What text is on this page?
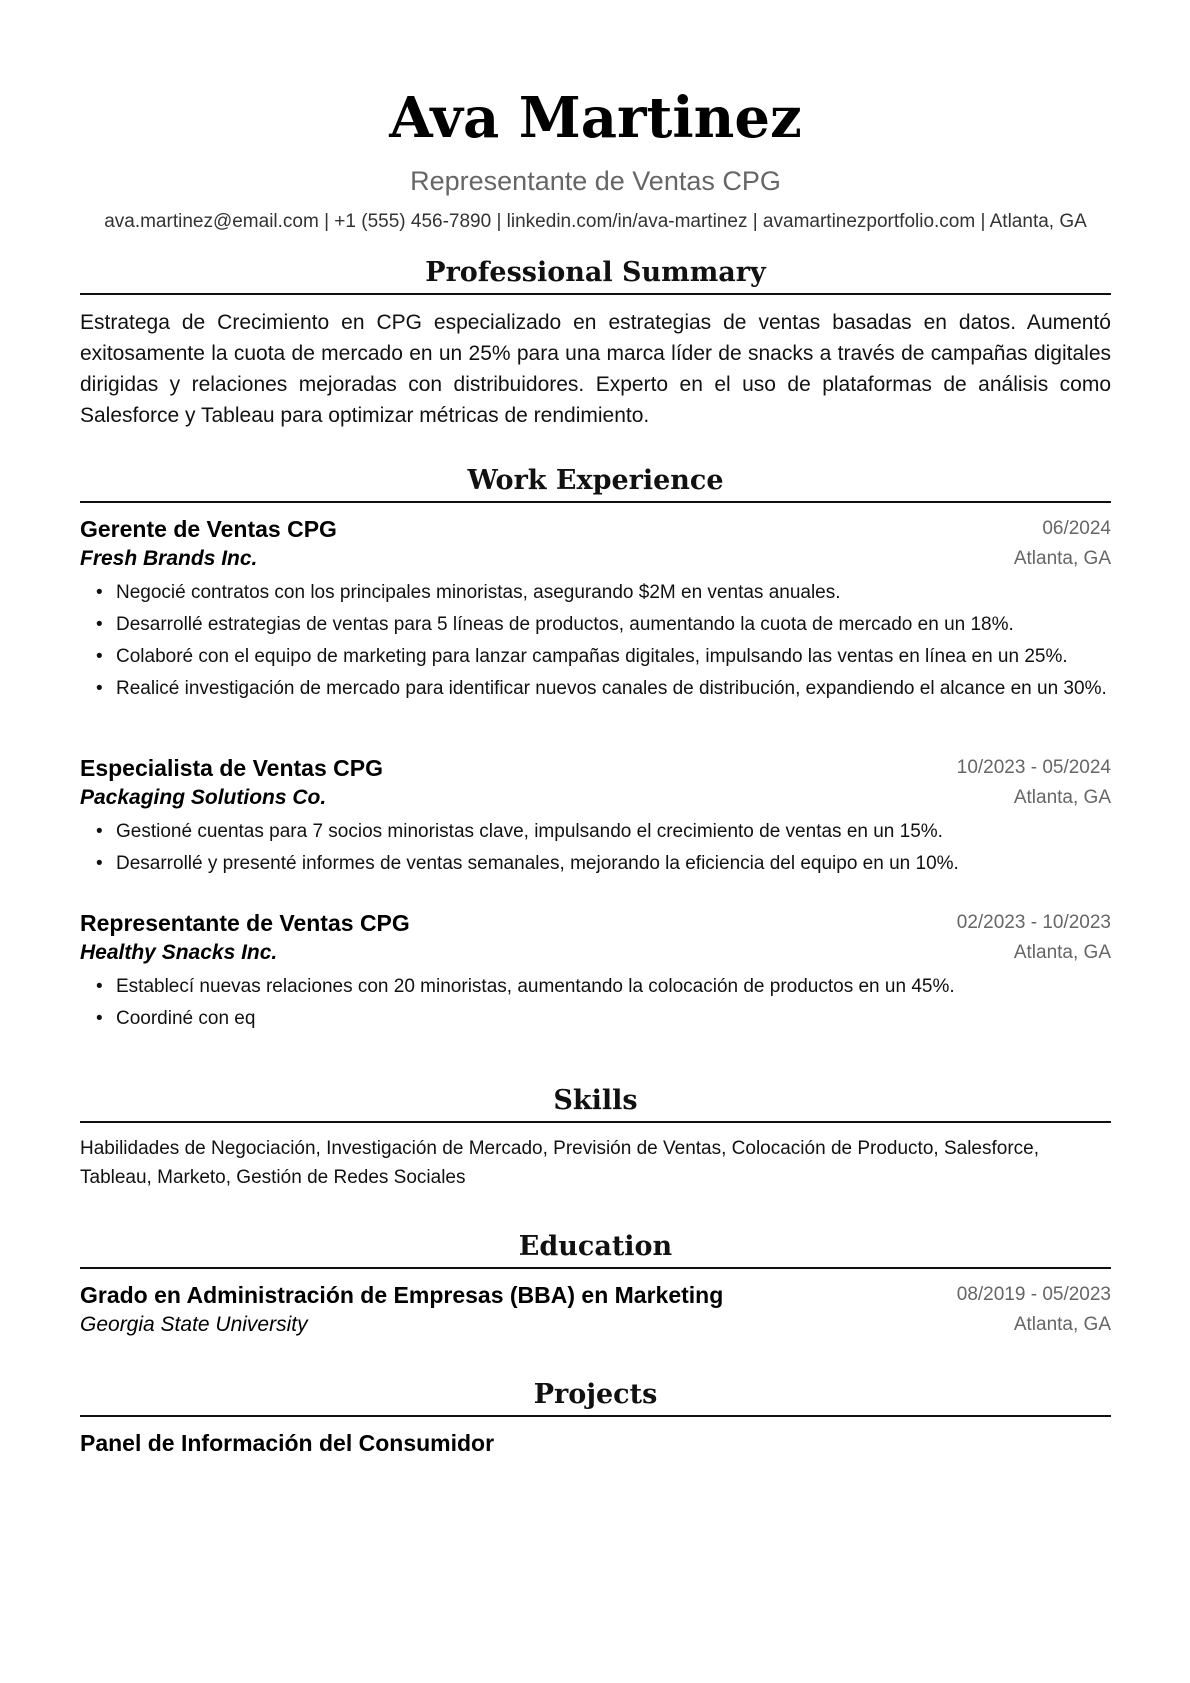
Ava Martinez
Representante de Ventas CPG
ava.martinez@email.com | +1 (555) 456-7890 | linkedin.com/in/ava-martinez | avamartinezportfolio.com | Atlanta, GA
Professional Summary
Estratega de Crecimiento en CPG especializado en estrategias de ventas basadas en datos. Aumentó exitosamente la cuota de mercado en un 25% para una marca líder de snacks a través de campañas digitales dirigidas y relaciones mejoradas con distribuidores. Experto en el uso de plataformas de análisis como Salesforce y Tableau para optimizar métricas de rendimiento.
Work Experience
Gerente de Ventas CPG	06/2024
Fresh Brands Inc.	Atlanta, GA
• Negocié contratos con los principales minoristas, asegurando $2M en ventas anuales.
• Desarrollé estrategias de ventas para 5 líneas de productos, aumentando la cuota de mercado en un 18%.
• Colaboré con el equipo de marketing para lanzar campañas digitales, impulsando las ventas en línea en un 25%.
• Realicé investigación de mercado para identificar nuevos canales de distribución, expandiendo el alcance en un 30%.
Especialista de Ventas CPG	10/2023 - 05/2024
Packaging Solutions Co.	Atlanta, GA
• Gestioné cuentas para 7 socios minoristas clave, impulsando el crecimiento de ventas en un 15%.
• Desarrollé y presenté informes de ventas semanales, mejorando la eficiencia del equipo en un 10%.
Representante de Ventas CPG	02/2023 - 10/2023
Healthy Snacks Inc.	Atlanta, GA
• Establecí nuevas relaciones con 20 minoristas, aumentando la colocación de productos en un 45%.
• Coordiné con eq
Skills
Habilidades de Negociación, Investigación de Mercado, Previsión de Ventas, Colocación de Producto, Salesforce, Tableau, Marketo, Gestión de Redes Sociales
Education
Grado en Administración de Empresas (BBA) en Marketing	08/2019 - 05/2023
Georgia State University	Atlanta, GA
Projects
Panel de Información del Consumidor
